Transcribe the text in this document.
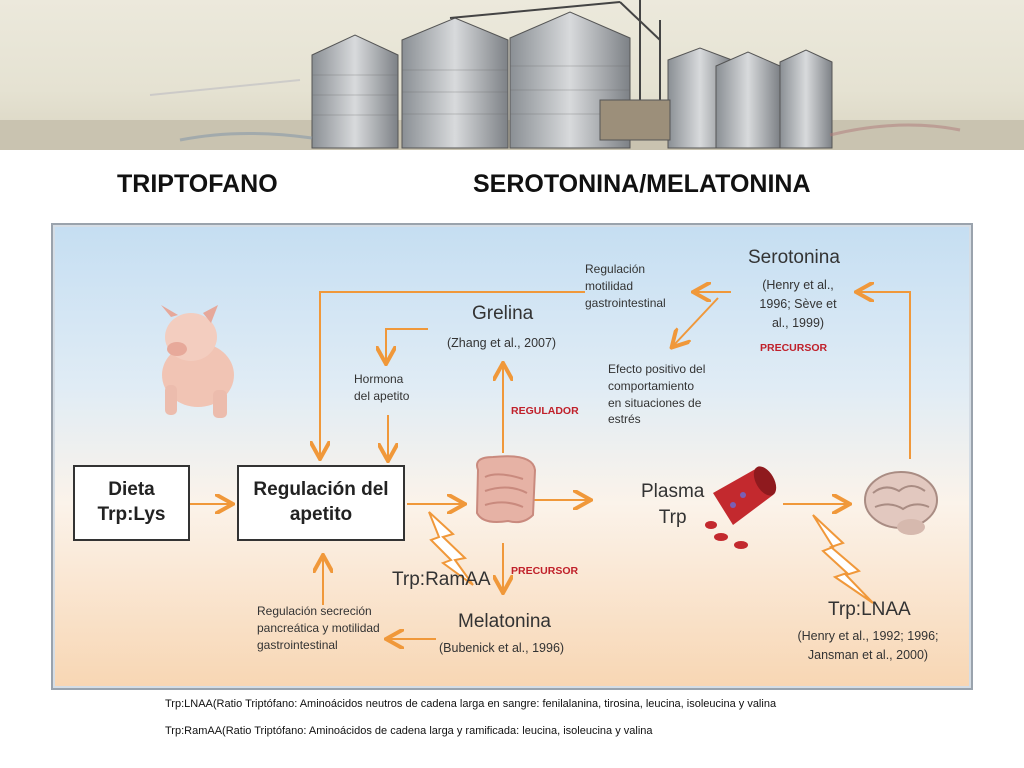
TRIPTOFANO	SEROTONINA/MELATONINA
Dieta
Trp:Lys
Regulación del
apetito
Grelina
(Zhang et al., 2007)
Hormona
del apetito
REGULADOR
Regulación
motilidad
gastrointestinal
Serotonina
(Henry et al.,
1996; Sève et
al., 1999)
PRECURSOR
Efecto positivo del
comportamiento
en situaciones de
estrés
Plasma
Trp
Trp:RamAA PRECURSOR
Melatonina
(Bubenick et al., 1996)
Regulación secreción
pancreática y motilidad
gastrointestinal
Trp:LNAA
(Henry et al., 1992; 1996;
Jansman et al., 2000)
Trp:LNAA(Ratio Triptófano: Aminoácidos neutros de cadena larga en sangre: fenilalanina, tirosina, leucina, isoleucina y valina
Trp:RamAA(Ratio Triptófano: Aminoácidos de cadena larga y ramificada: leucina, isoleucina y valina
